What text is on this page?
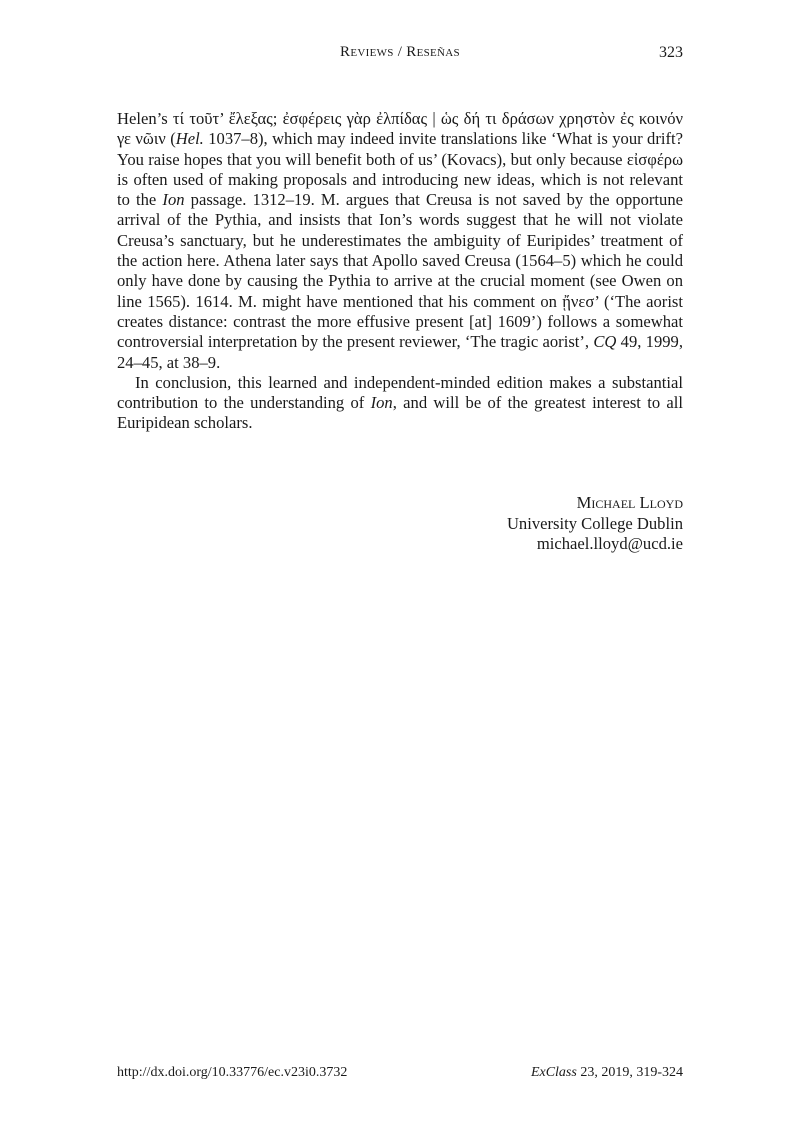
Reviews / Reseñas	323

Helen’s τί τοῦτ’ ἔλεξας; ἐσφέρεις γὰρ ἐλπίδας | ὡς δή τι δράσων χρηστὸν ἐς κοινόν γε νῶιν (Hel. 1037–8), which may indeed invite translations like ‘What is your drift? You raise hopes that you will benefit both of us’ (Kovacs), but only because εἰσφέρω is often used of making proposals and introducing new ideas, which is not relevant to the Ion passage. 1312–19. M. argues that Creusa is not saved by the opportune arrival of the Pythia, and insists that Ion’s words suggest that he will not violate Creusa’s sanctuary, but he underestimates the ambiguity of Euripides’ treatment of the action here. Athena later says that Apollo saved Creusa (1564–5) which he could only have done by causing the Pythia to arrive at the crucial moment (see Owen on line 1565). 1614. M. might have mentioned that his comment on ᾔνεσ’ (‘The aorist creates distance: contrast the more effusive present [at] 1609’) follows a somewhat controversial interpretation by the present reviewer, ‘The tragic aorist’, CQ 49, 1999, 24–45, at 38–9.

In conclusion, this learned and independent-minded edition makes a substantial contribution to the understanding of Ion, and will be of the greatest interest to all Euripidean scholars.

Michael Lloyd
University College Dublin
michael.lloyd@ucd.ie
http://dx.doi.org/10.33776/ec.v23i0.3732	ExClass 23, 2019, 319-324
